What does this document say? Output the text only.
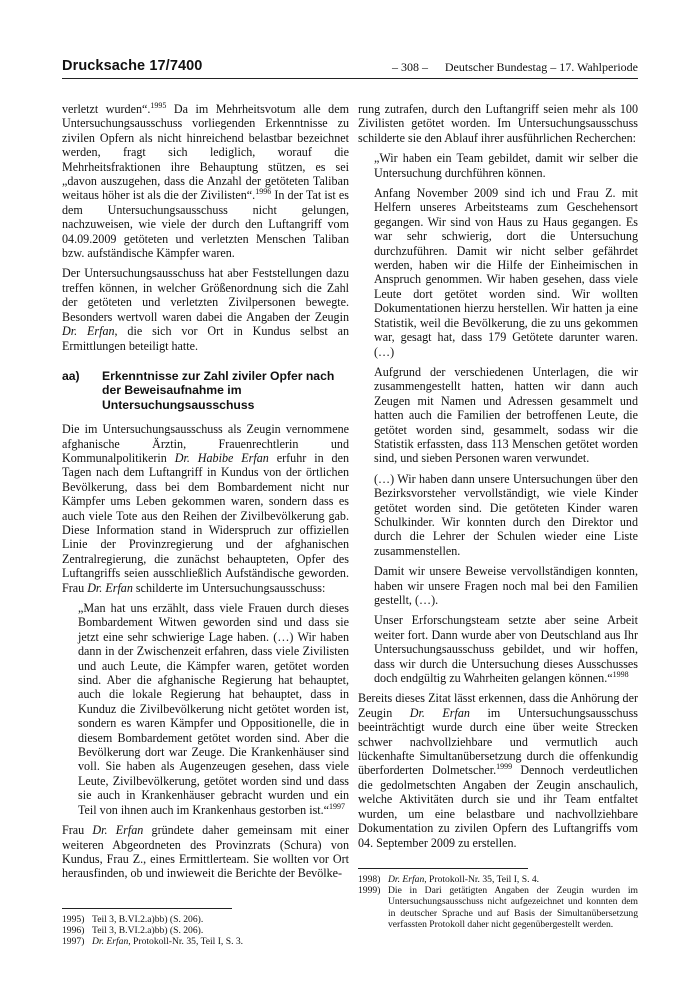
Drucksache 17/7400	– 308 – Deutscher Bundestag – 17. Wahlperiode

verletzt wurden“.$^{1995}$ Da im Mehrheitsvotum alle dem Untersuchungsausschuss vorliegenden Erkenntnisse zu zivilen Opfern als nicht hinreichend belastbar bezeichnet werden, fragt sich lediglich, worauf die Mehrheitsfraktionen ihre Behauptung stützen, es sei „davon auszugehen, dass die Anzahl der getöteten Taliban weitaus höher ist als die der Zivilisten“.$^{1996}$ In der Tat ist es dem Untersuchungsausschuss nicht gelungen, nachzuweisen, wie viele der durch den Luftangriff vom 04.09.2009 getöteten und verletzten Menschen Taliban bzw. aufständische Kämpfer waren.

Der Untersuchungsausschuss hat aber Feststellungen dazu treffen können, in welcher Größenordnung sich die Zahl der getöteten und verletzten Zivilpersonen bewegte. Besonders wertvoll waren dabei die Angaben der Zeugin Dr. Erfan, die sich vor Ort in Kundus selbst an Ermittlungen beteiligt hatte.

aa)	Erkenntnisse zur Zahl ziviler Opfer nach der Beweisaufnahme im Untersuchungsausschuss

Die im Untersuchungsausschuss als Zeugin vernommene afghanische Ärztin, Frauenrechtlerin und Kommunalpolitikerin Dr. Habibe Erfan erfuhr in den Tagen nach dem Luftangriff in Kundus von der örtlichen Bevölkerung, dass bei dem Bombardement nicht nur Kämpfer ums Leben gekommen waren, sondern dass es auch viele Tote aus den Reihen der Zivilbevölkerung gab. Diese Information stand in Widerspruch zur offiziellen Linie der Provinzregierung und der afghanischen Zentralregierung, die zunächst behaupteten, Opfer des Luftangriffs seien ausschließlich Aufständische geworden. Frau Dr. Erfan schilderte im Untersuchungsausschuss:

„Man hat uns erzählt, dass viele Frauen durch dieses Bombardement Witwen geworden sind und dass sie jetzt eine sehr schwierige Lage haben. (…) Wir haben dann in der Zwischenzeit erfahren, dass viele Zivilisten und auch Leute, die Kämpfer waren, getötet worden sind. Aber die afghanische Regierung hat behauptet, auch die lokale Regierung hat behauptet, dass in Kunduz die Zivilbevölkerung nicht getötet worden ist, sondern es waren Kämpfer und Oppositionelle, die in diesem Bombardement getötet worden sind. Aber die Bevölkerung dort war Zeuge. Die Krankenhäuser sind voll. Sie haben als Augenzeugen gesehen, dass viele Leute, Zivilbevölkerung, getötet worden sind und dass sie auch in Krankenhäuser gebracht wurden und ein Teil von ihnen auch im Krankenhaus gestorben ist.“$^{1997}$

Frau Dr. Erfan gründete daher gemeinsam mit einer weiteren Abgeordneten des Provinzrats (Schura) von Kundus, Frau Z., eines Ermittlerteam. Sie wollten vor Ort herausfinden, ob und inwieweit die Berichte der Bevölke-

rung zutrafen, durch den Luftangriff seien mehr als 100 Zivilisten getötet worden. Im Untersuchungsausschuss schilderte sie den Ablauf ihrer ausführlichen Recherchen:

„Wir haben ein Team gebildet, damit wir selber die Untersuchung durchführen können.

Anfang November 2009 sind ich und Frau Z. mit Helfern unseres Arbeitsteams zum Geschehensort gegangen. Wir sind von Haus zu Haus gegangen. Es war sehr schwierig, dort die Untersuchung durchzuführen. Damit wir nicht selber gefährdet werden, haben wir die Hilfe der Einheimischen in Anspruch genommen. Wir haben gesehen, dass viele Leute dort getötet worden sind. Wir wollten Dokumentationen hierzu herstellen. Wir hatten ja eine Statistik, weil die Bevölkerung, die zu uns gekommen war, gesagt hat, dass 179 Getötete darunter waren. (…)

Aufgrund der verschiedenen Unterlagen, die wir zusammengestellt hatten, hatten wir dann auch Zeugen mit Namen und Adressen gesammelt und hatten auch die Familien der betroffenen Leute, die getötet worden sind, gesammelt, sodass wir die Statistik erfassten, dass 113 Menschen getötet worden sind, und sieben Personen waren verwundet.

(…) Wir haben dann unsere Untersuchungen über den Bezirksvorsteher vervollständigt, wie viele Kinder getötet worden sind. Die getöteten Kinder waren Schulkinder. Wir konnten durch den Direktor und durch die Lehrer der Schulen wieder eine Liste zusammenstellen.

Damit wir unsere Beweise vervollständigen konnten, haben wir unsere Fragen noch mal bei den Familien gestellt, (…).

Unser Erforschungsteam setzte aber seine Arbeit weiter fort. Dann wurde aber von Deutschland aus Ihr Untersuchungsausschuss gebildet, und wir hoffen, dass wir durch die Untersuchung dieses Ausschusses doch endgültig zu Wahrheiten gelangen können.“$^{1998}$

Bereits dieses Zitat lässt erkennen, dass die Anhörung der Zeugin Dr. Erfan im Untersuchungsausschuss beeinträchtigt wurde durch eine über weite Strecken schwer nachvollziehbare und vermutlich auch lückenhafte Simultanübersetzung durch die offenkundig überforderten Dolmetscher.$^{1999}$ Dennoch verdeutlichen die gedolmetschten Angaben der Zeugin anschaulich, welche Aktivitäten durch sie und ihr Team entfaltet wurden, um eine belastbare und nachvollziehbare Dokumentation zu zivilen Opfern des Luftangriffs vom 04. September 2009 zu erstellen.

1995) Teil 3, B.VI.2.a)bb) (S. 206).
1996) Teil 3, B.VI.2.a)bb) (S. 206).
1997) Dr. Erfan, Protokoll-Nr. 35, Teil I, S. 3.
1998) Dr. Erfan, Protokoll-Nr. 35, Teil I, S. 4.
1999) Die in Dari getätigten Angaben der Zeugin wurden im Untersuchungsausschuss nicht aufgezeichnet und konnten dem in deutscher Sprache und auf Basis der Simultanübersetzung verfassten Protokoll daher nicht gegenübergestellt werden.
